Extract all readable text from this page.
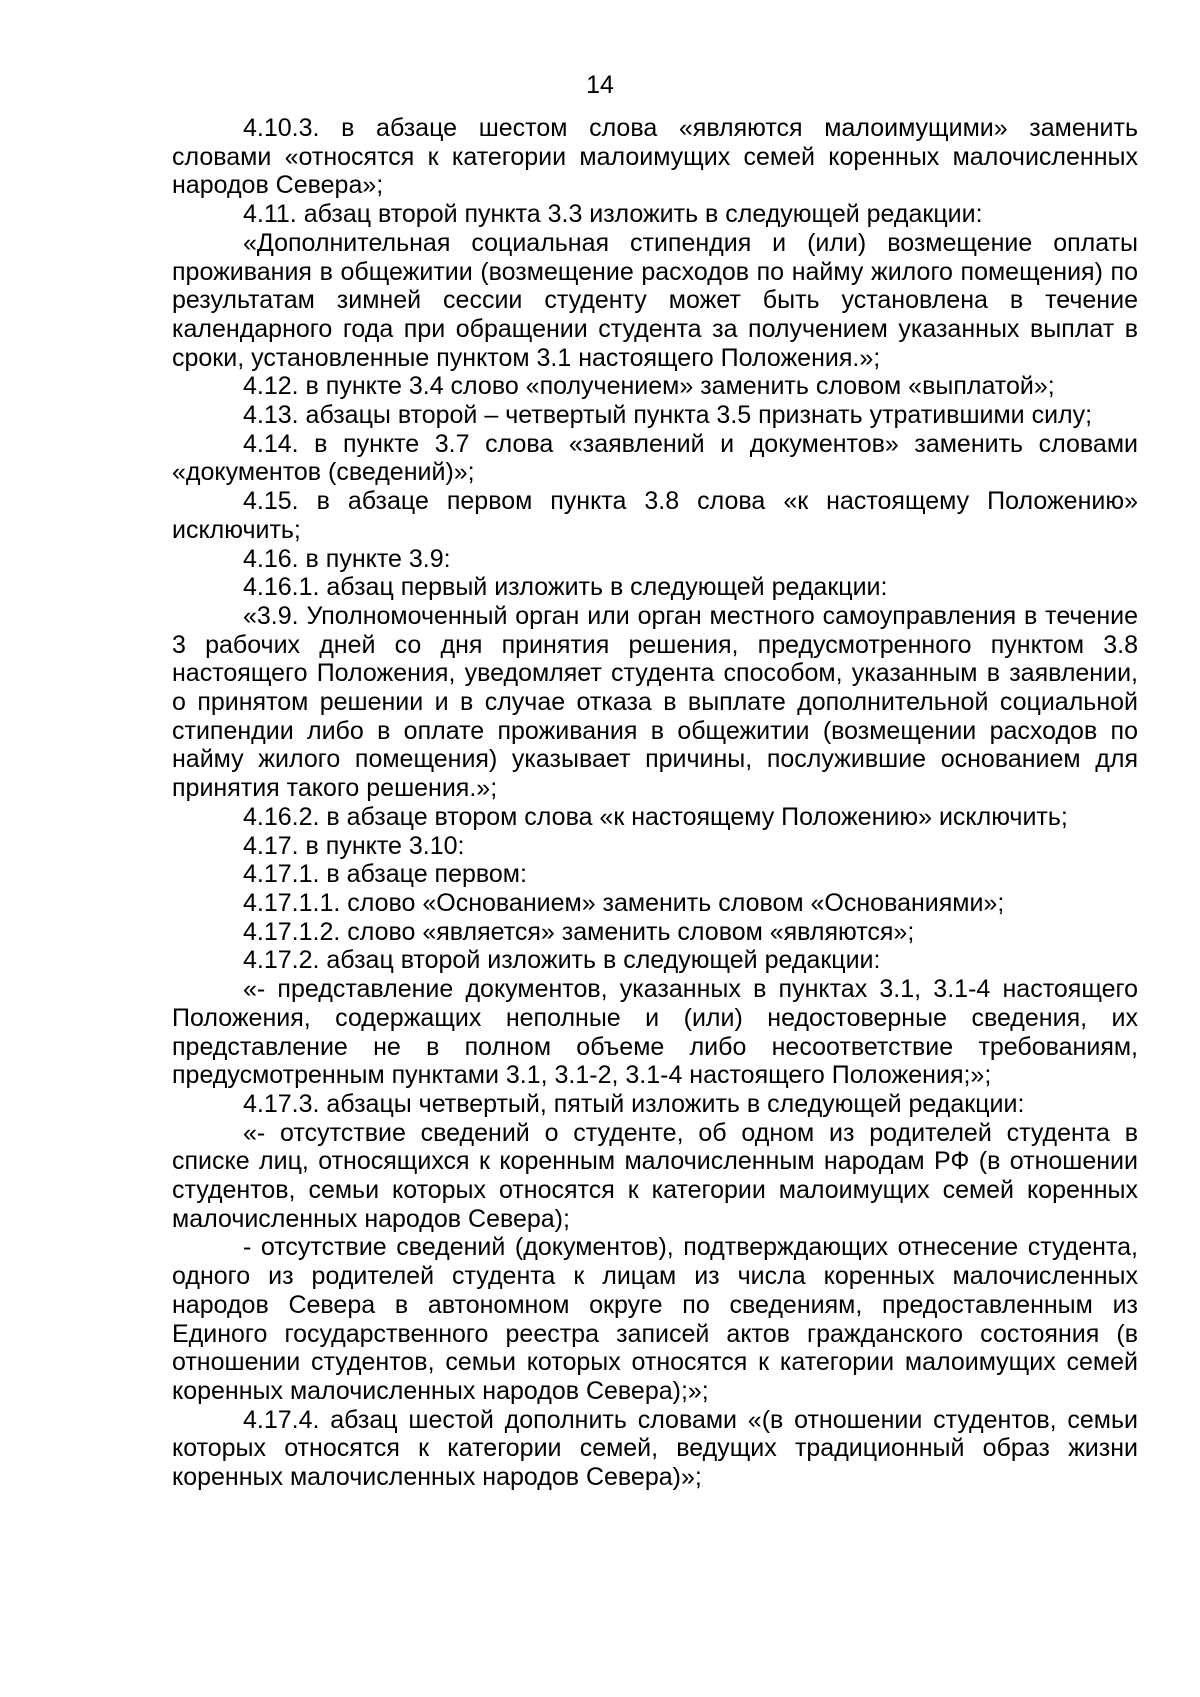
14

4.10.3. в абзаце шестом слова «являются малоимущими» заменить словами «относятся к категории малоимущих семей коренных малочисленных народов Севера»;

4.11. абзац второй пункта 3.3 изложить в следующей редакции:

«Дополнительная социальная стипендия и (или) возмещение оплаты проживания в общежитии (возмещение расходов по найму жилого помещения) по результатам зимней сессии студенту может быть установлена в течение календарного года при обращении студента за получением указанных выплат в сроки, установленные пунктом 3.1 настоящего Положения.»;

4.12. в пункте 3.4 слово «получением» заменить словом «выплатой»;

4.13. абзацы второй – четвертый пункта 3.5 признать утратившими силу;

4.14. в пункте 3.7 слова «заявлений и документов» заменить словами «документов (сведений)»;

4.15. в абзаце первом пункта 3.8 слова «к настоящему Положению» исключить;

4.16. в пункте 3.9:

4.16.1. абзац первый изложить в следующей редакции:

«3.9. Уполномоченный орган или орган местного самоуправления в течение 3 рабочих дней со дня принятия решения, предусмотренного пунктом 3.8 настоящего Положения, уведомляет студента способом, указанным в заявлении, о принятом решении и в случае отказа в выплате дополнительной социальной стипендии либо в оплате проживания в общежитии (возмещении расходов по найму жилого помещения) указывает причины, послужившие основанием для принятия такого решения.»;

4.16.2. в абзаце втором слова «к настоящему Положению» исключить;

4.17. в пункте 3.10:

4.17.1. в абзаце первом:

4.17.1.1. слово «Основанием» заменить словом «Основаниями»;

4.17.1.2. слово «является» заменить словом «являются»;

4.17.2. абзац второй изложить в следующей редакции:

«- представление документов, указанных в пунктах 3.1, 3.1-4 настоящего Положения, содержащих неполные и (или) недостоверные сведения, их представление не в полном объеме либо несоответствие требованиям, предусмотренным пунктами 3.1, 3.1-2, 3.1-4 настоящего Положения;»;

4.17.3. абзацы четвертый, пятый изложить в следующей редакции:

«- отсутствие сведений о студенте, об одном из родителей студента в списке лиц, относящихся к коренным малочисленным народам РФ (в отношении студентов, семьи которых относятся к категории малоимущих семей коренных малочисленных народов Севера);

- отсутствие сведений (документов), подтверждающих отнесение студента, одного из родителей студента к лицам из числа коренных малочисленных народов Севера в автономном округе по сведениям, предоставленным из Единого государственного реестра записей актов гражданского состояния (в отношении студентов, семьи которых относятся к категории малоимущих семей коренных малочисленных народов Севера);»;

4.17.4. абзац шестой дополнить словами «(в отношении студентов, семьи которых относятся к категории семей, ведущих традиционный образ жизни коренных малочисленных народов Севера)»;
